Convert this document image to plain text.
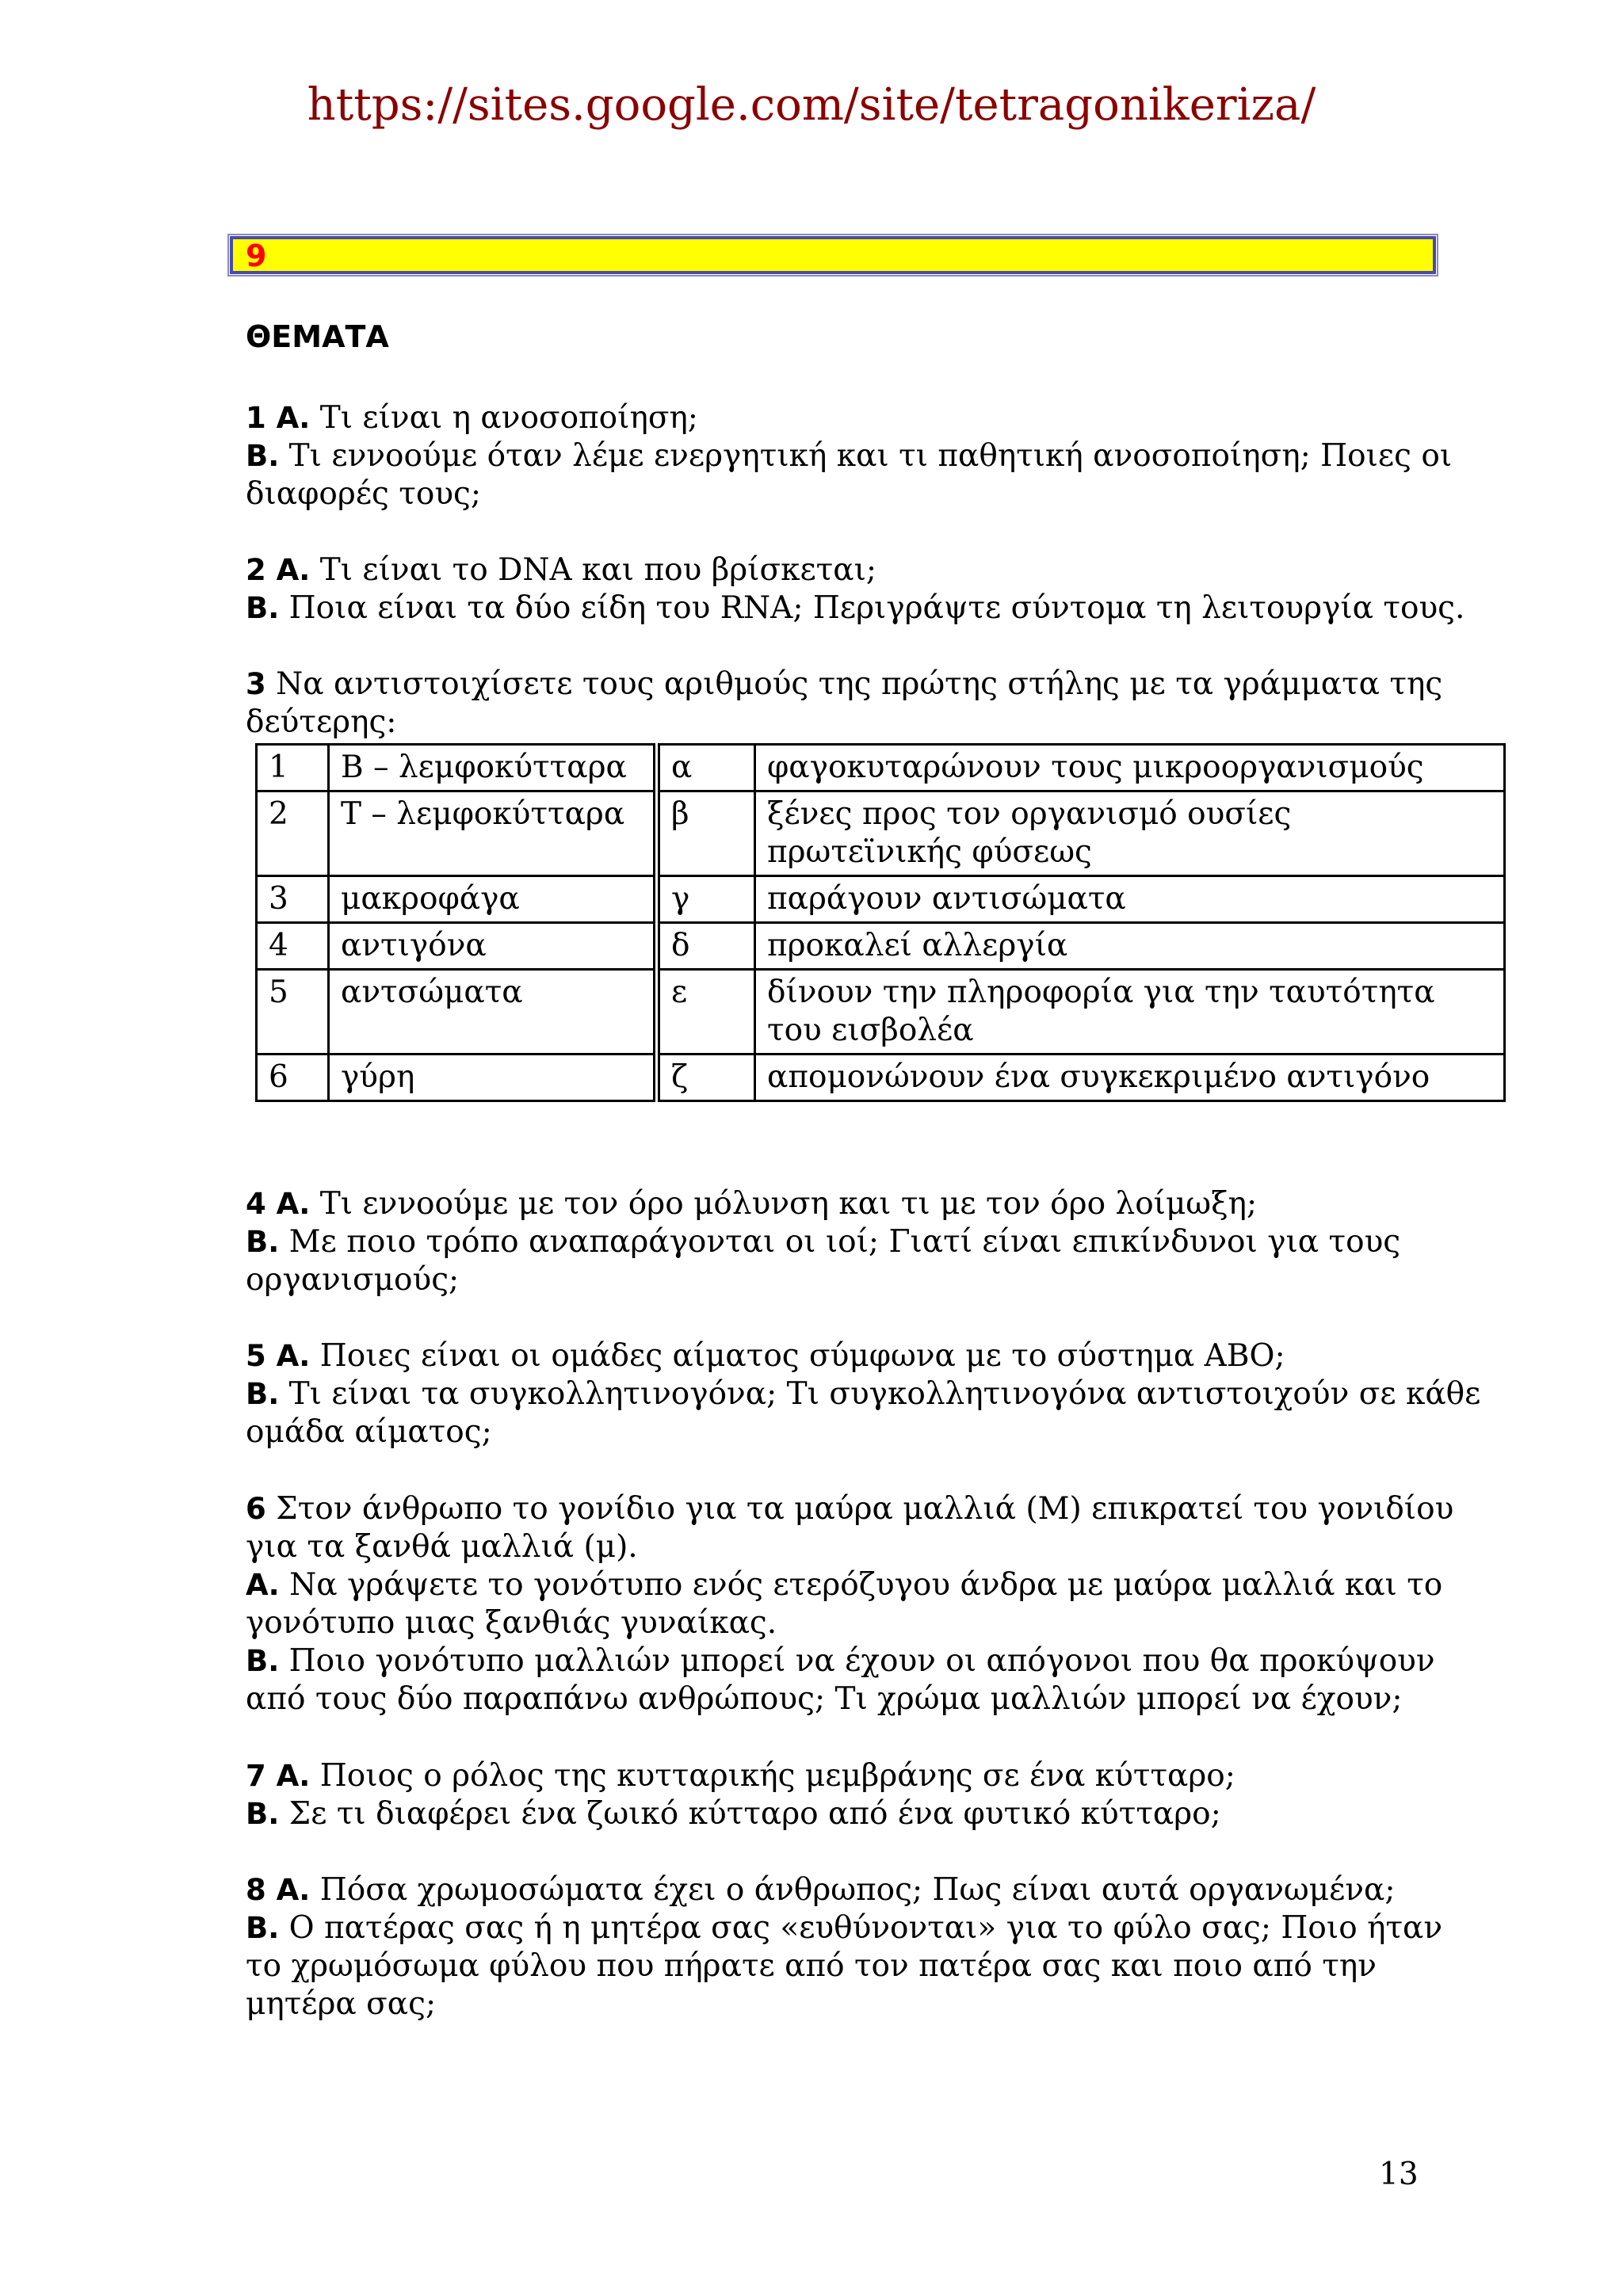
https://sites.google.com/site/tetragonikeriza/
9
ΘΕΜΑΤΑ

1 Α. Τι είναι η ανοσοποίηση;

Β. Τι εννοούμε όταν λέμε ενεργητική και τι παθητική ανοσοποίηση; Ποιες οι διαφορές τους;

2 Α. Τι είναι το DNA και που βρίσκεται;

Β. Ποια είναι τα δύο είδη του RNA; Περιγράψτε σύντομα τη λειτουργία τους.

3 Να αντιστοιχίσετε τους αριθμούς της πρώτης στήλης με τα γράμματα της δεύτερης:

1	Β – λεμφοκύτταρα	α	φαγοκυταρώνουν τους μικροοργανισμούς
2	Τ – λεμφοκύτταρα	β	ξένες προς τον οργανισμό ουσίες πρωτεϊνικής φύσεως
3	μακροφάγα	γ	παράγουν αντισώματα
4	αντιγόνα	δ	προκαλεί αλλεργία
5	αντσώματα	ε	δίνουν την πληροφορία για την ταυτότητα του εισβολέα
6	γύρη	ζ	απομονώνουν ένα συγκεκριμένο αντιγόνο

4 Α. Τι εννοούμε με τον όρο μόλυνση και τι με τον όρο λοίμωξη;

Β. Με ποιο τρόπο αναπαράγονται οι ιοί; Γιατί είναι επικίνδυνοι για τους οργανισμούς;

5 Α. Ποιες είναι οι ομάδες αίματος σύμφωνα με το σύστημα ΑΒΟ;

Β. Τι είναι τα συγκολλητινογόνα; Τι συγκολλητινογόνα αντιστοιχούν σε κάθε ομάδα αίματος;

6 Στον άνθρωπο το γονίδιο για τα μαύρα μαλλιά (Μ) επικρατεί του γονιδίου για τα ξανθά μαλλιά (μ).

Α. Να γράψετε το γονότυπο ενός ετερόζυγου άνδρα με μαύρα μαλλιά και το γονότυπο μιας ξανθιάς γυναίκας.

Β. Ποιο γονότυπο μαλλιών μπορεί να έχουν οι απόγονοι που θα προκύψουν από τους δύο παραπάνω ανθρώπους; Τι χρώμα μαλλιών μπορεί να έχουν;

7 Α. Ποιος ο ρόλος της κυτταρικής μεμβράνης σε ένα κύτταρο;

Β. Σε τι διαφέρει ένα ζωικό κύτταρο από ένα φυτικό κύτταρο;

8 Α. Πόσα χρωμοσώματα έχει ο άνθρωπος; Πως είναι αυτά οργανωμένα;

Β. Ο πατέρας σας ή η μητέρα σας «ευθύνονται» για το φύλο σας; Ποιο ήταν το χρωμόσωμα φύλου που πήρατε από τον πατέρα σας και ποιο από την μητέρα σας;

13
